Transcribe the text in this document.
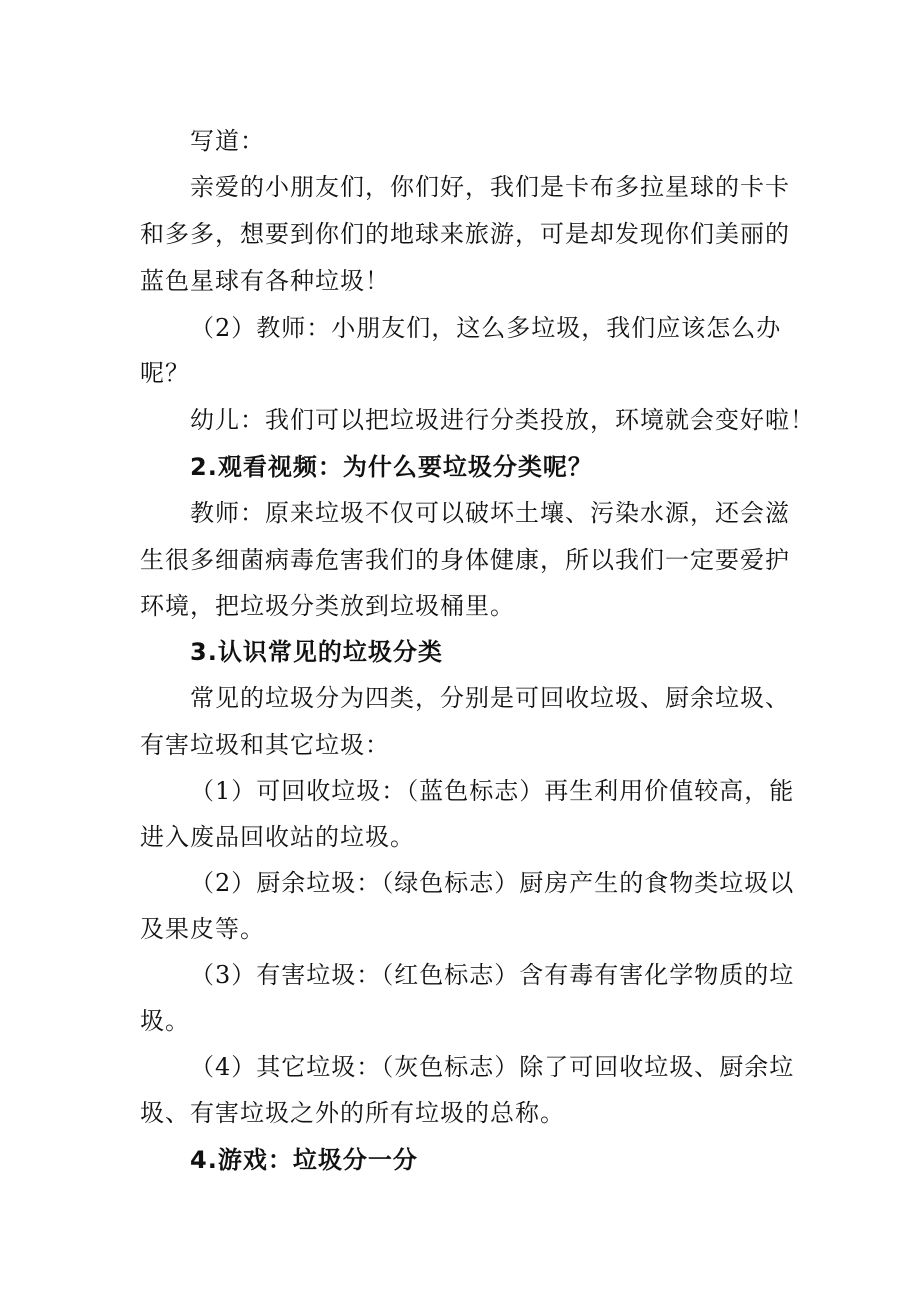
写道：
亲爱的小朋友们，你们好，我们是卡布多拉星球的卡卡
和多多，想要到你们的地球来旅游，可是却发现你们美丽的
蓝色星球有各种垃圾！
（2）教师：小朋友们，这么多垃圾，我们应该怎么办
呢？
幼儿：我们可以把垃圾进行分类投放，环境就会变好啦！
2.观看视频：为什么要垃圾分类呢？
教师：原来垃圾不仅可以破坏土壤、污染水源，还会滋
生很多细菌病毒危害我们的身体健康，所以我们一定要爱护
环境，把垃圾分类放到垃圾桶里。
3.认识常见的垃圾分类
常见的垃圾分为四类，分别是可回收垃圾、厨余垃圾、
有害垃圾和其它垃圾：
（1）可回收垃圾：（蓝色标志）再生利用价值较高，能
进入废品回收站的垃圾。
（2）厨余垃圾：（绿色标志）厨房产生的食物类垃圾以
及果皮等。
（3）有害垃圾：（红色标志）含有毒有害化学物质的垃
圾。
（4）其它垃圾：（灰色标志）除了可回收垃圾、厨余垃
圾、有害垃圾之外的所有垃圾的总称。
4.游戏：垃圾分一分
